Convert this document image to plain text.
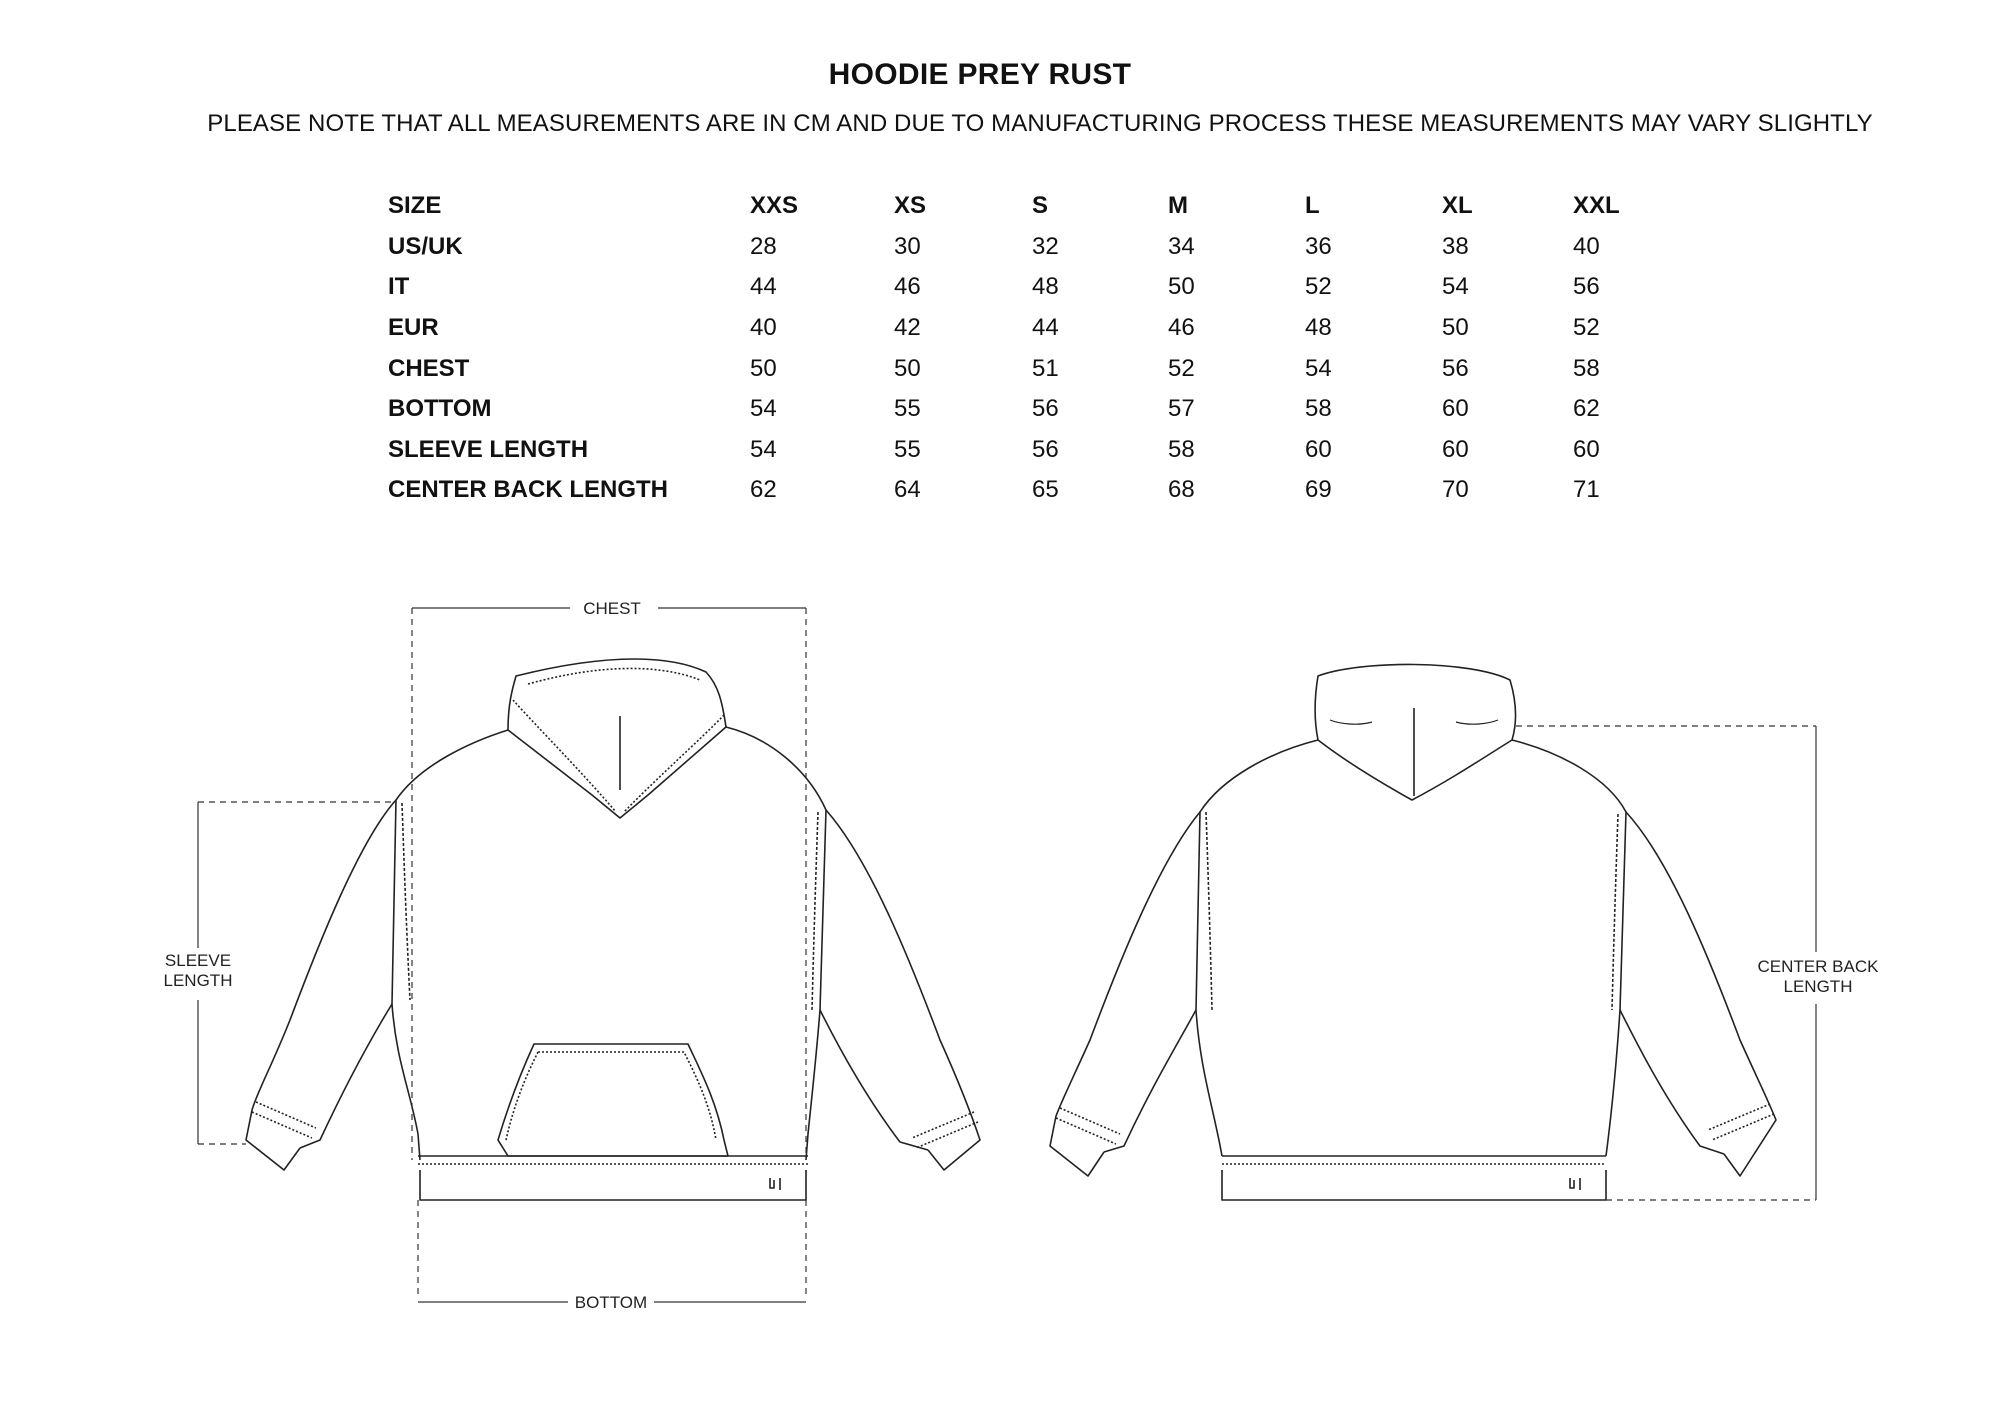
HOODIE PREY RUST
PLEASE NOTE THAT ALL MEASUREMENTS ARE IN CM AND DUE TO MANUFACTURING PROCESS THESE MEASUREMENTS MAY VARY SLIGHTLY
SIZE	XXS	XS	S	M	L	XL	XXL
US/UK	28	30	32	34	36	38	40
IT	44	46	48	50	52	54	56
EUR	40	42	44	46	48	50	52
CHEST	50	50	51	52	54	56	58
BOTTOM	54	55	56	57	58	60	62
SLEEVE LENGTH	54	55	56	58	60	60	60
CENTER BACK LENGTH	62	64	65	68	69	70	71
CHEST
BOTTOM
SLEEVE
LENGTH
CENTER BACK
LENGTH
